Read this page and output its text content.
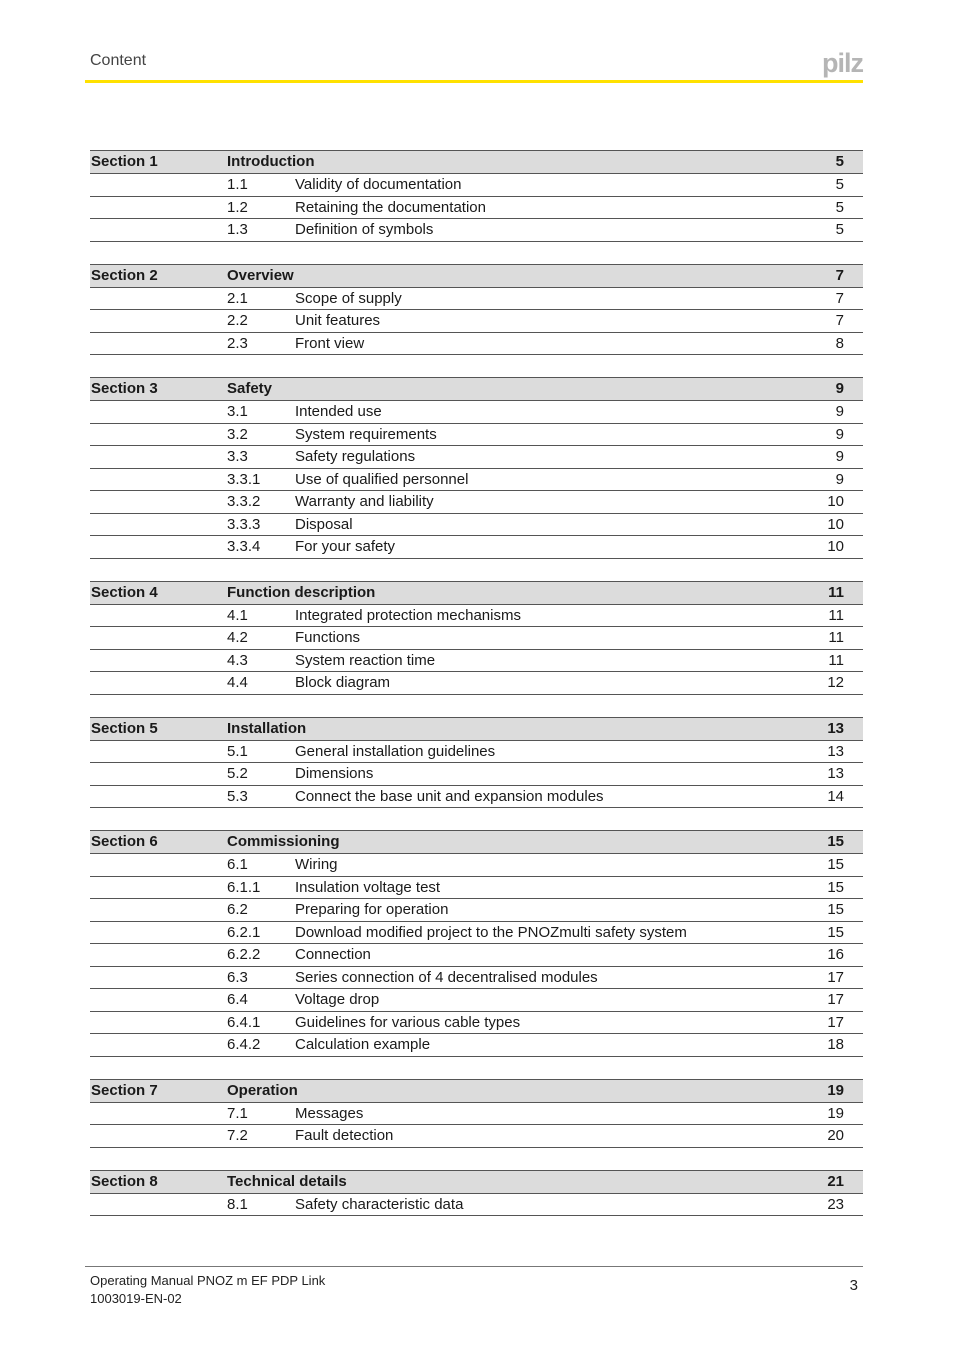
Content	pilz
Section 1	Introduction	5
1.1	Validity of documentation	5
1.2	Retaining the documentation	5
1.3	Definition of symbols	5
Section 2	Overview	7
2.1	Scope of supply	7
2.2	Unit features	7
2.3	Front view	8
Section 3	Safety	9
3.1	Intended use	9
3.2	System requirements	9
3.3	Safety regulations	9
3.3.1 Use of qualified personnel	9
3.3.2 Warranty and liability	10
3.3.3 Disposal	10
3.3.4 For your safety	10
Section 4	Function description	11
4.1	Integrated protection mechanisms	11
4.2	Functions	11
4.3	System reaction time	11
4.4	Block diagram	12
Section 5	Installation	13
5.1	General installation guidelines	13
5.2	Dimensions	13
5.3	Connect the base unit and expansion modules	14
Section 6	Commissioning	15
6.1	Wiring	15
6.1.1 Insulation voltage test	15
6.2	Preparing for operation	15
6.2.1 Download modified project to the PNOZmulti safety system	15
6.2.2 Connection	16
6.3	Series connection of 4 decentralised modules	17
6.4	Voltage drop	17
6.4.1 Guidelines for various cable types	17
6.4.2 Calculation example	18
Section 7	Operation	19
7.1	Messages	19
7.2	Fault detection	20
Section 8	Technical details	21
8.1	Safety characteristic data	23
Operating Manual PNOZ m EF PDP Link
1003019-EN-02
3
